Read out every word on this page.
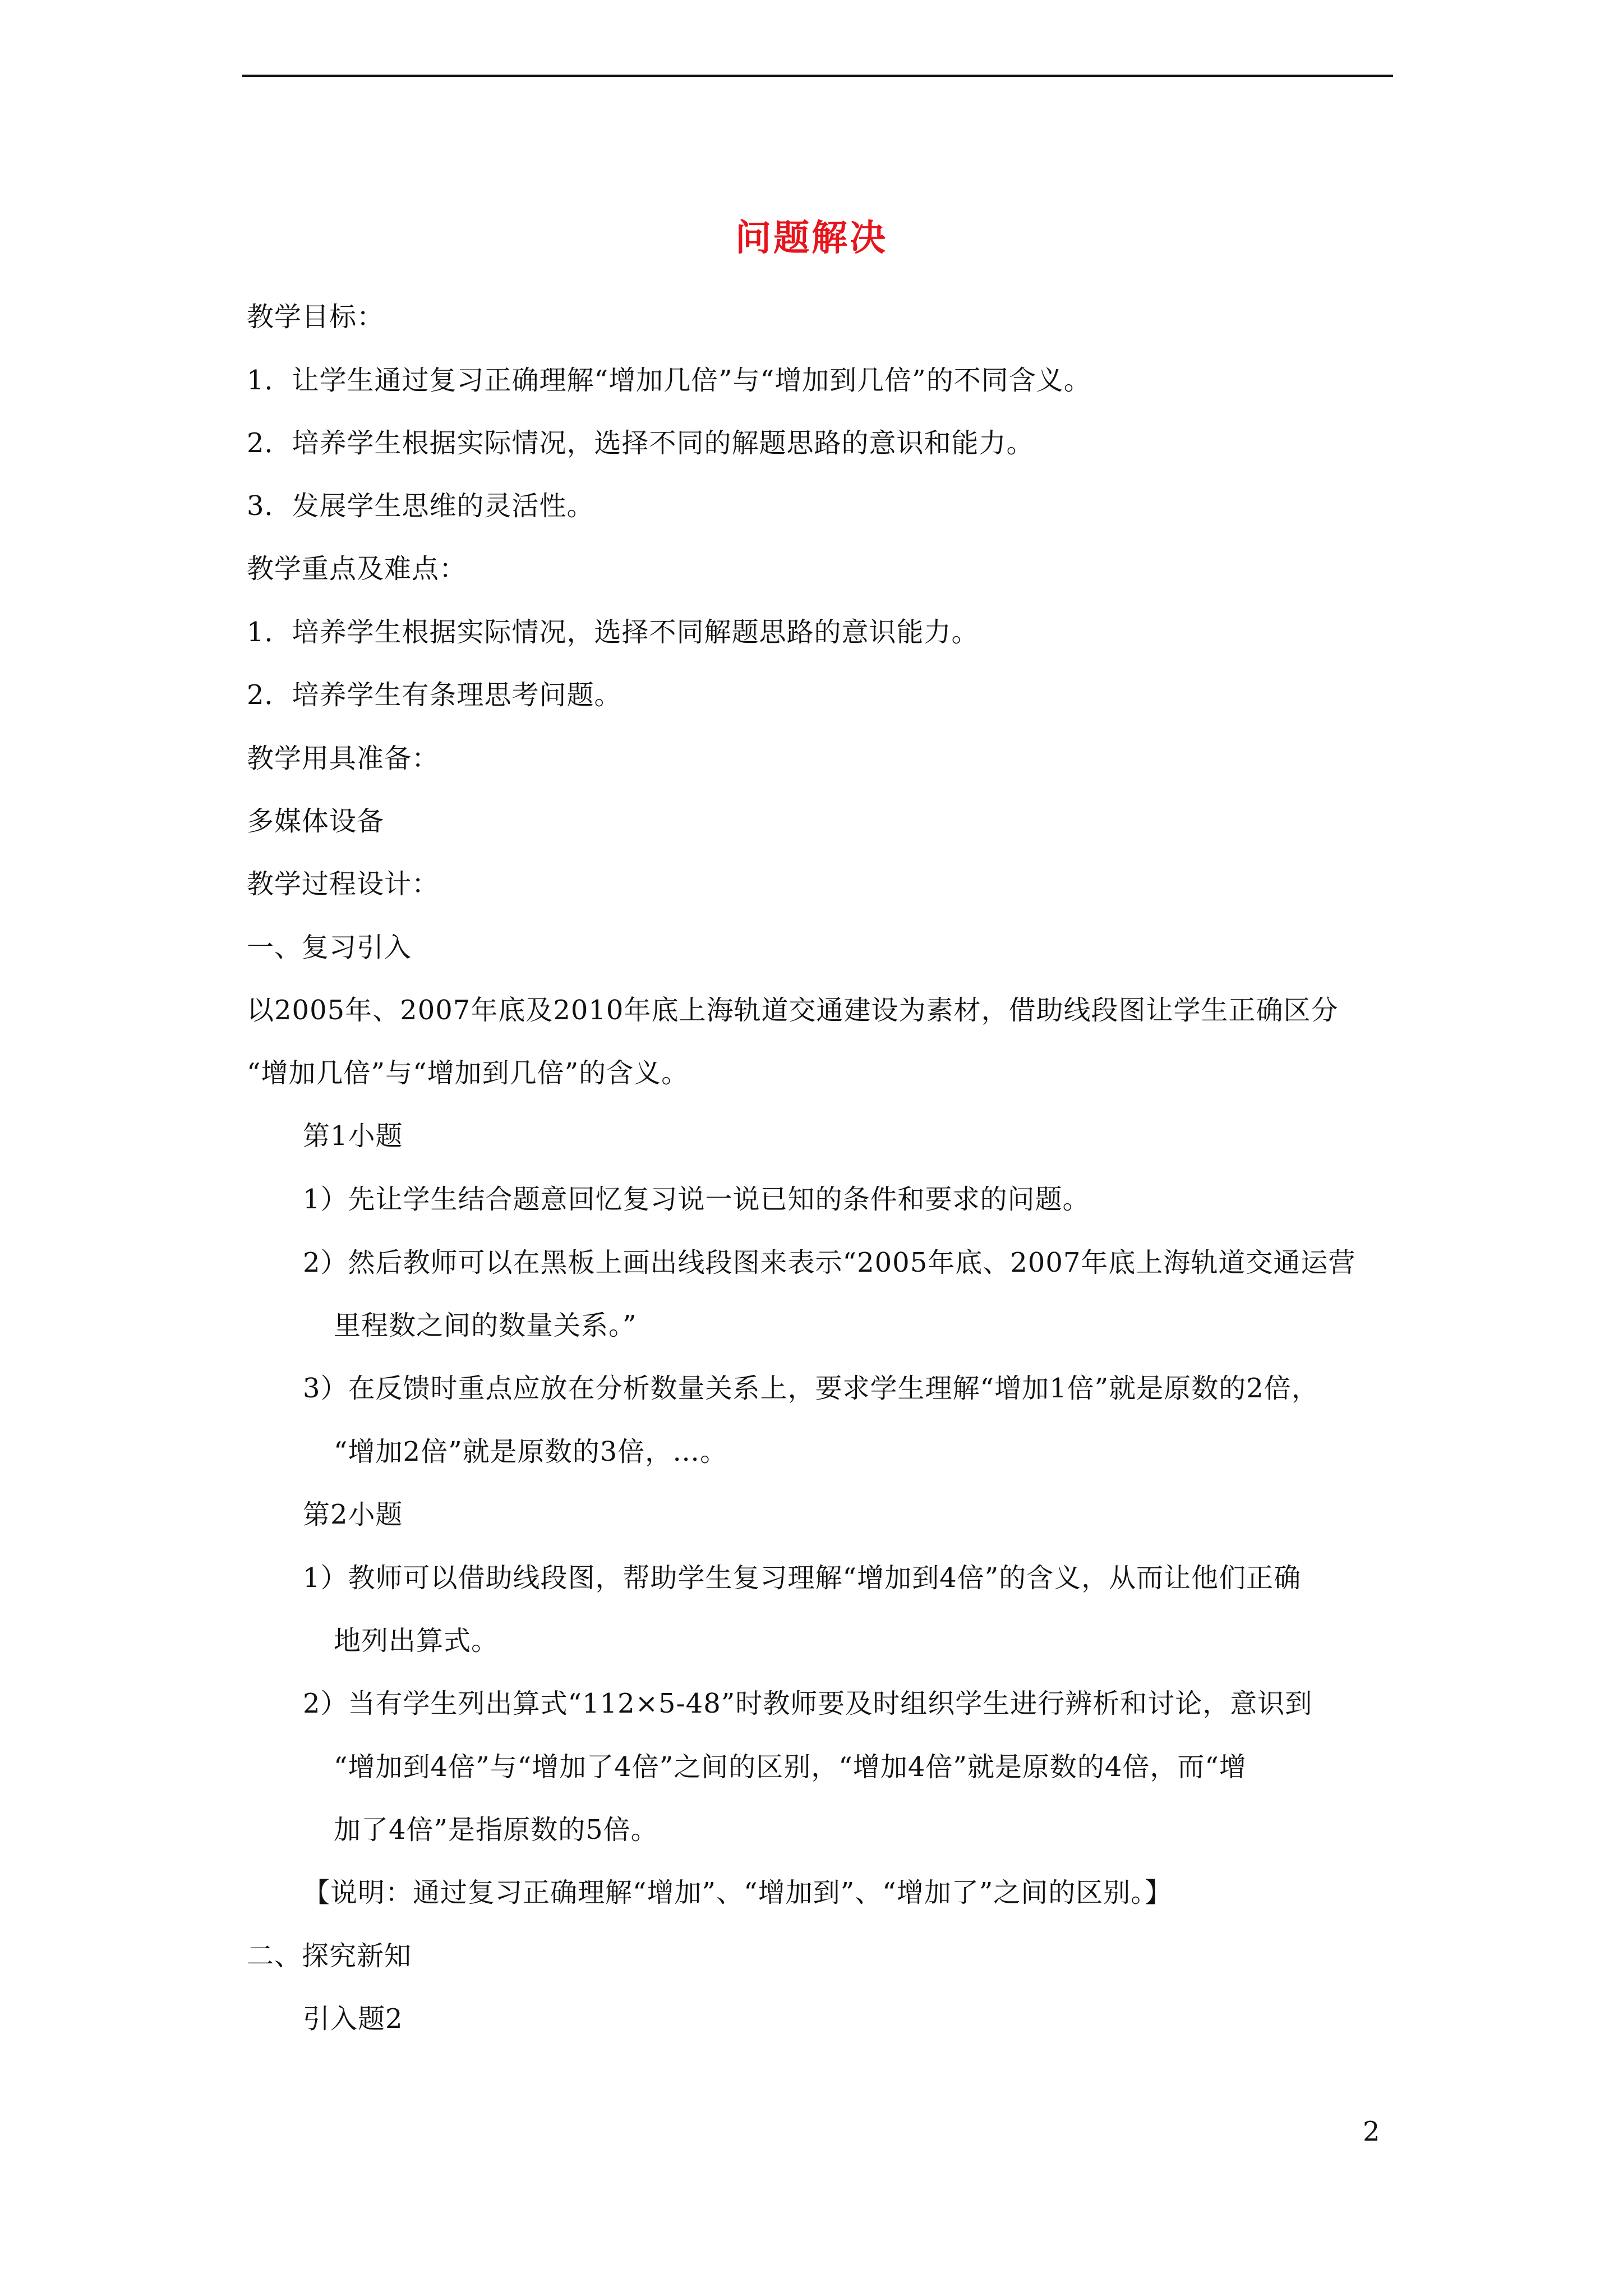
问题解决
教学目标：
1．让学生通过复习正确理解“增加几倍”与“增加到几倍”的不同含义。
2．培养学生根据实际情况，选择不同的解题思路的意识和能力。
3．发展学生思维的灵活性。
教学重点及难点：
1．培养学生根据实际情况，选择不同解题思路的意识能力。
2．培养学生有条理思考问题。
教学用具准备：
多媒体设备
教学过程设计：
一、复习引入
以2005年、2007年底及2010年底上海轨道交通建设为素材，借助线段图让学生正确区分
“增加几倍”与“增加到几倍”的含义。
第1小题
1）先让学生结合题意回忆复习说一说已知的条件和要求的问题。
2）然后教师可以在黑板上画出线段图来表示“2005年底、2007年底上海轨道交通运营
里程数之间的数量关系。”
3）在反馈时重点应放在分析数量关系上，要求学生理解“增加1倍”就是原数的2倍，
“增加2倍”就是原数的3倍，…。
第2小题
1）教师可以借助线段图，帮助学生复习理解“增加到4倍”的含义，从而让他们正确
地列出算式。
2）当有学生列出算式“112×5-48”时教师要及时组织学生进行辨析和讨论，意识到
“增加到4倍”与“增加了4倍”之间的区别，“增加4倍”就是原数的4倍，而“增
加了4倍”是指原数的5倍。
【说明：通过复习正确理解“增加”、“增加到”、“增加了”之间的区别。】
二、探究新知
引入题2
2
